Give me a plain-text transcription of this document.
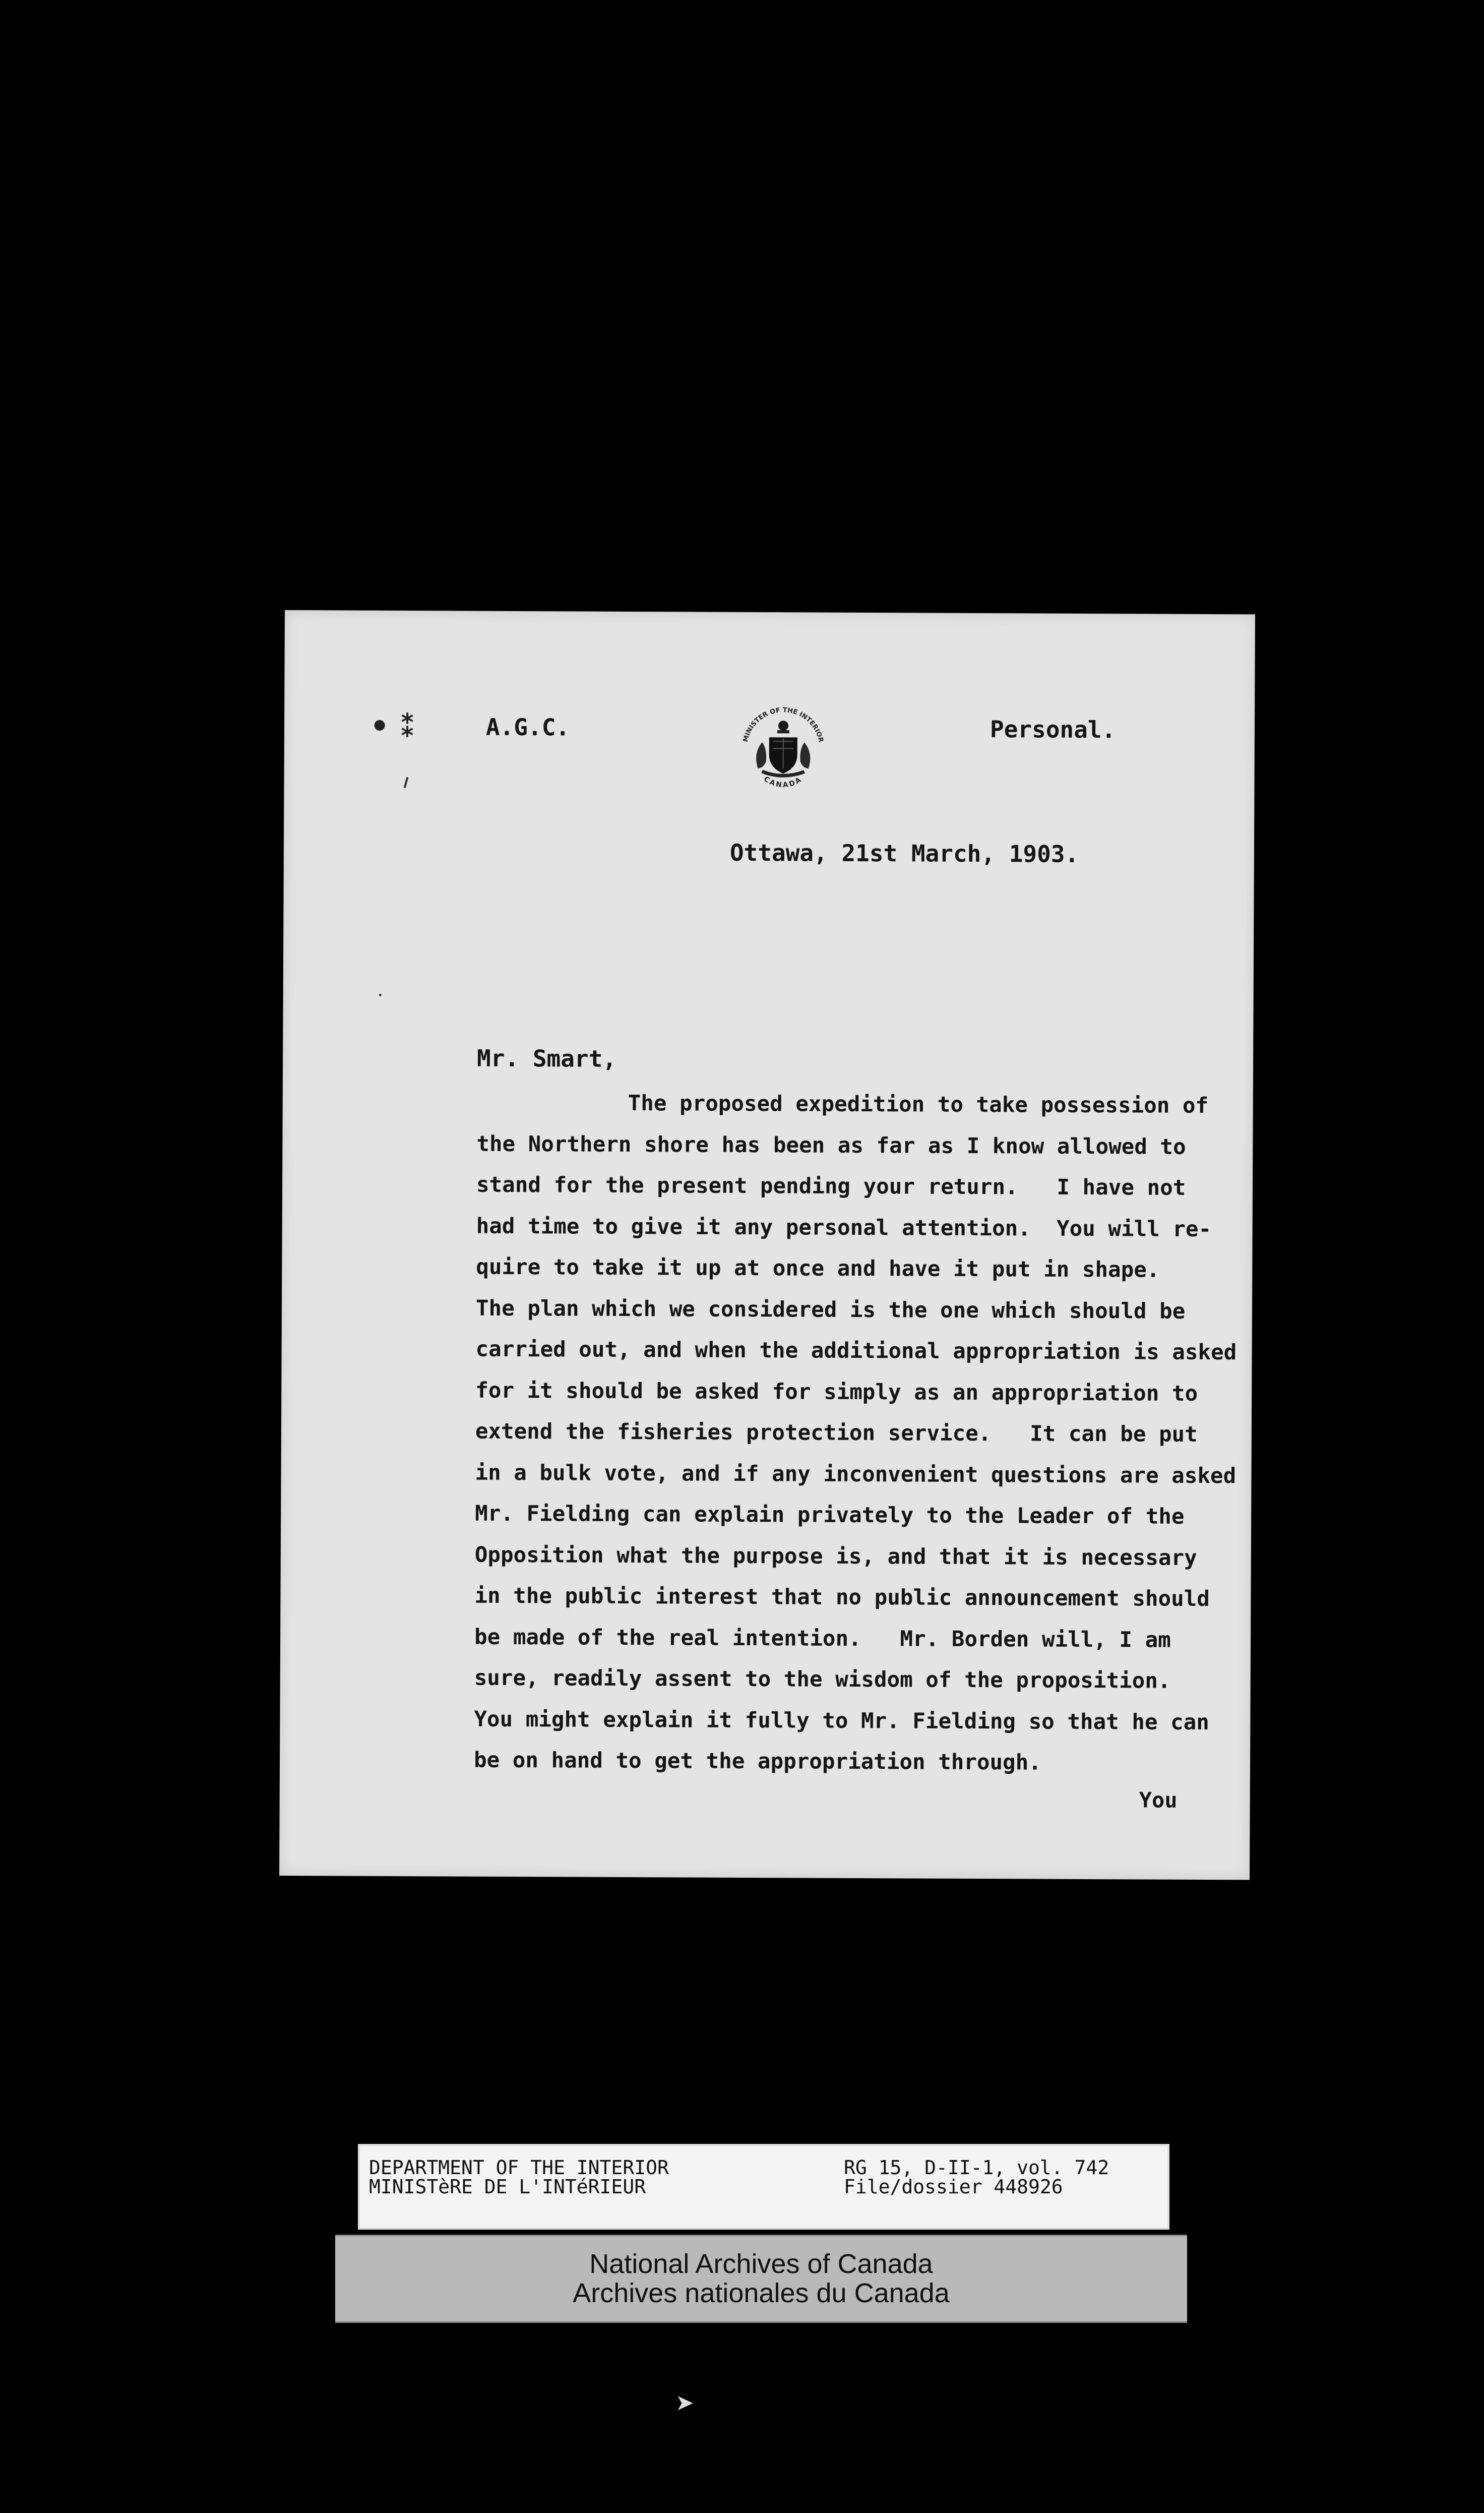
• ⁑	A.G.C.	MINISTER OF THE INTERIOR
CANADA
Personal.
Ottawa, 21st March, 1903.
Mr. Smart,
The proposed expedition to take possession of
the Northern shore has been as far as I know allowed to
stand for the present pending your return.   I have not
had time to give it any personal attention.  You will re-
quire to take it up at once and have it put in shape.
The plan which we considered is the one which should be
carried out, and when the additional appropriation is asked
for it should be asked for simply as an appropriation to
extend the fisheries protection service.   It can be put
in a bulk vote, and if any inconvenient questions are asked
Mr. Fielding can explain privately to the Leader of the
Opposition what the purpose is, and that it is necessary
in the public interest that no public announcement should
be made of the real intention.   Mr. Borden will, I am
sure, readily assent to the wisdom of the proposition.
You might explain it fully to Mr. Fielding so that he can
be on hand to get the appropriation through.
You
DEPARTMENT OF THE INTERIOR
MINISTèRE DE L'INTéRIEUR
RG 15, D-II-1, vol. 742
File/dossier 448926
National Archives of Canada
Archives nationales du Canada
➤
